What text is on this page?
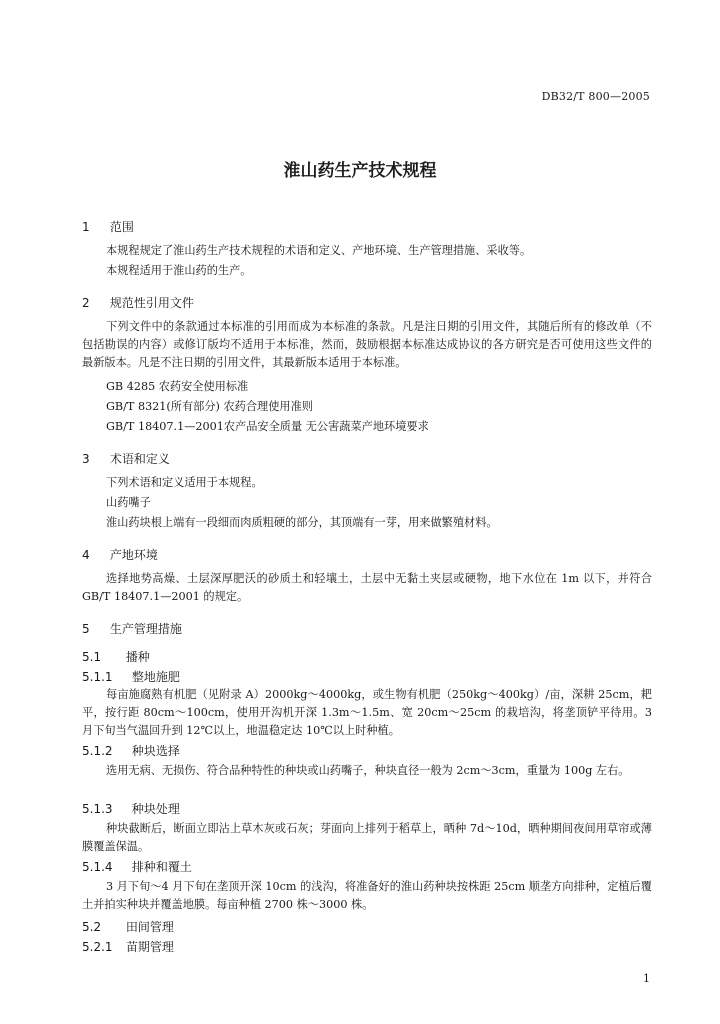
DB32/T 800—2005
淮山药生产技术规程
1 范围
本规程规定了淮山药生产技术规程的术语和定义、产地环境、生产管理措施、采收等。
本规程适用于淮山药的生产。
2 规范性引用文件
下列文件中的条款通过本标准的引用而成为本标准的条款。凡是注日期的引用文件，其随后所有的修改单（不包括勘误的内容）或修订版均不适用于本标准，然而，鼓励根据本标准达成协议的各方研究是否可使用这些文件的最新版本。凡是不注日期的引用文件，其最新版本适用于本标准。
GB 4285 农药安全使用标准
GB/T 8321(所有部分) 农药合理使用准则
GB/T 18407.1—2001农产品安全质量 无公害蔬菜产地环境要求
3 术语和定义
下列术语和定义适用于本规程。
山药嘴子
淮山药块根上端有一段细而肉质粗硬的部分，其顶端有一芽，用来做繁殖材料。
4 产地环境
选择地势高燥、土层深厚肥沃的砂质土和轻壤土，土层中无黏土夹层或硬物，地下水位在 1m 以下，并符合 GB/T 18407.1—2001 的规定。
5 生产管理措施
5.1 播种
5.1.1 整地施肥
每亩施腐熟有机肥（见附录 A）2000kg～4000kg，或生物有机肥（250kg～400kg）/亩，深耕 25cm，耙平，按行距 80cm～100cm，使用开沟机开深 1.3m～1.5m、宽 20cm～25cm 的栽培沟，将垄顶铲平待用。3 月下旬当气温回升到 12℃以上，地温稳定达 10℃以上时种植。
5.1.2 种块选择
选用无病、无损伤、符合品种特性的种块或山药嘴子，种块直径一般为 2cm～3cm，重量为 100g 左右。
5.1.3 种块处理
种块截断后，断面立即沾上草木灰或石灰；芽面向上排列于稻草上，晒种 7d～10d，晒种期间夜间用草帘或薄膜覆盖保温。
5.1.4 排种和覆土
3 月下旬～4 月下旬在垄顶开深 10cm 的浅沟，将准备好的淮山药种块按株距 25cm 顺垄方向排种，定植后覆土并拍实种块并覆盖地膜。每亩种植 2700 株～3000 株。
5.2 田间管理
5.2.1 苗期管理
1
